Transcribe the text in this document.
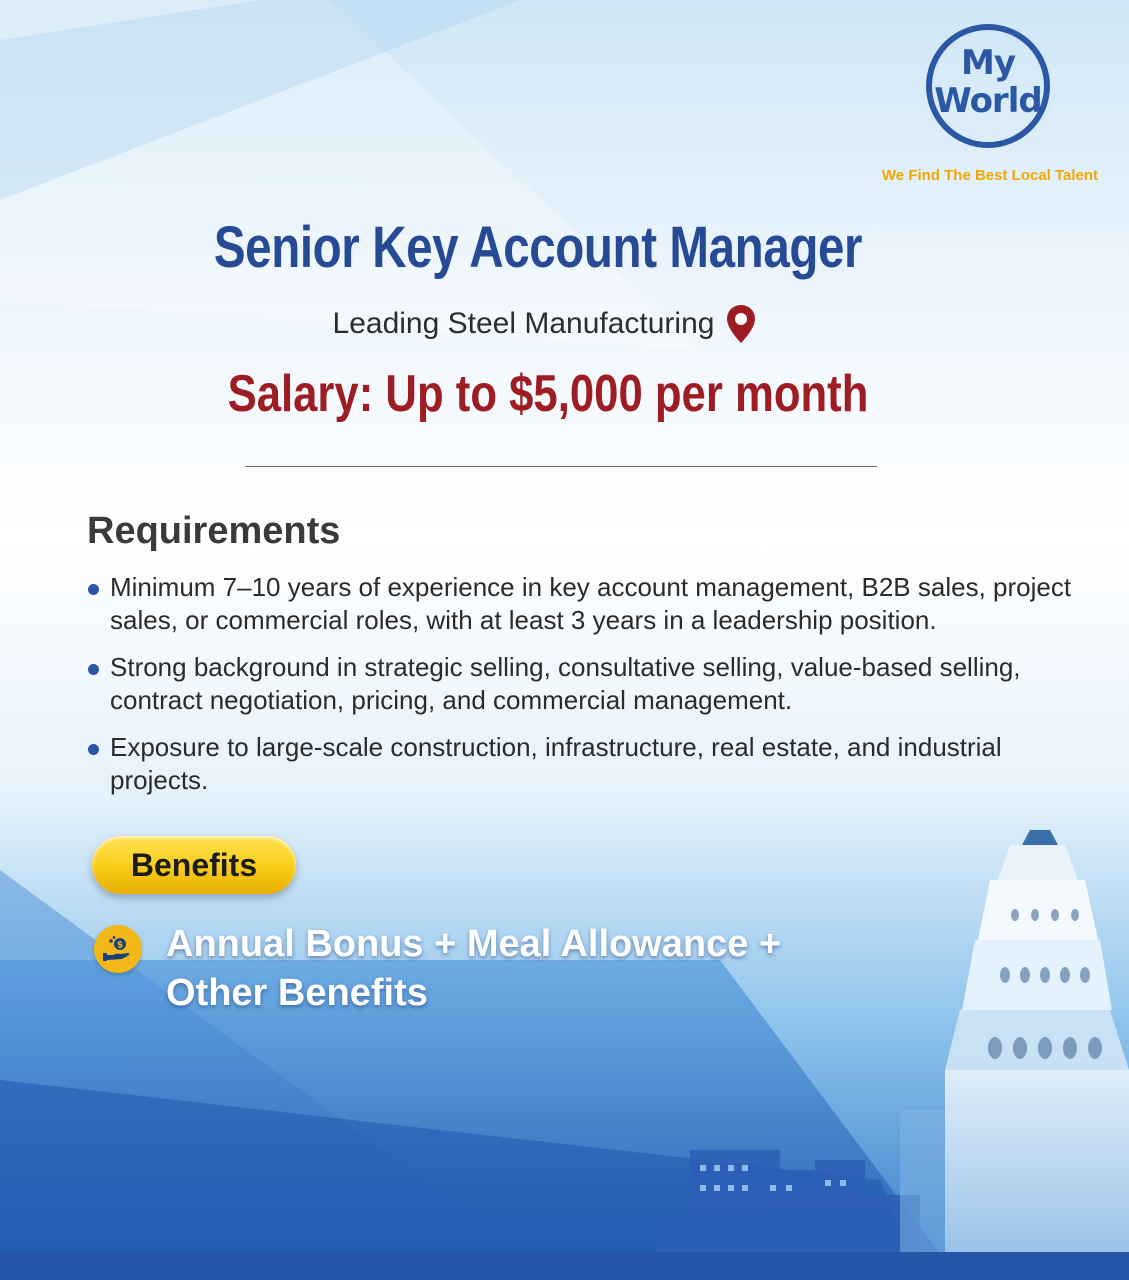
My
World
We Find The Best Local Talent
Senior Key Account Manager
Leading Steel Manufacturing
Salary: Up to $5,000 per month
Requirements
Minimum 7–10 years of experience in key account management, B2B sales, project sales, or commercial roles, with at least 3 years in a leadership position.
Strong background in strategic selling, consultative selling, value-based selling, contract negotiation, pricing, and commercial management.
Exposure to large-scale construction, infrastructure, real estate, and industrial projects.
Benefits
$ Annual Bonus + Meal Allowance +
Other Benefits
